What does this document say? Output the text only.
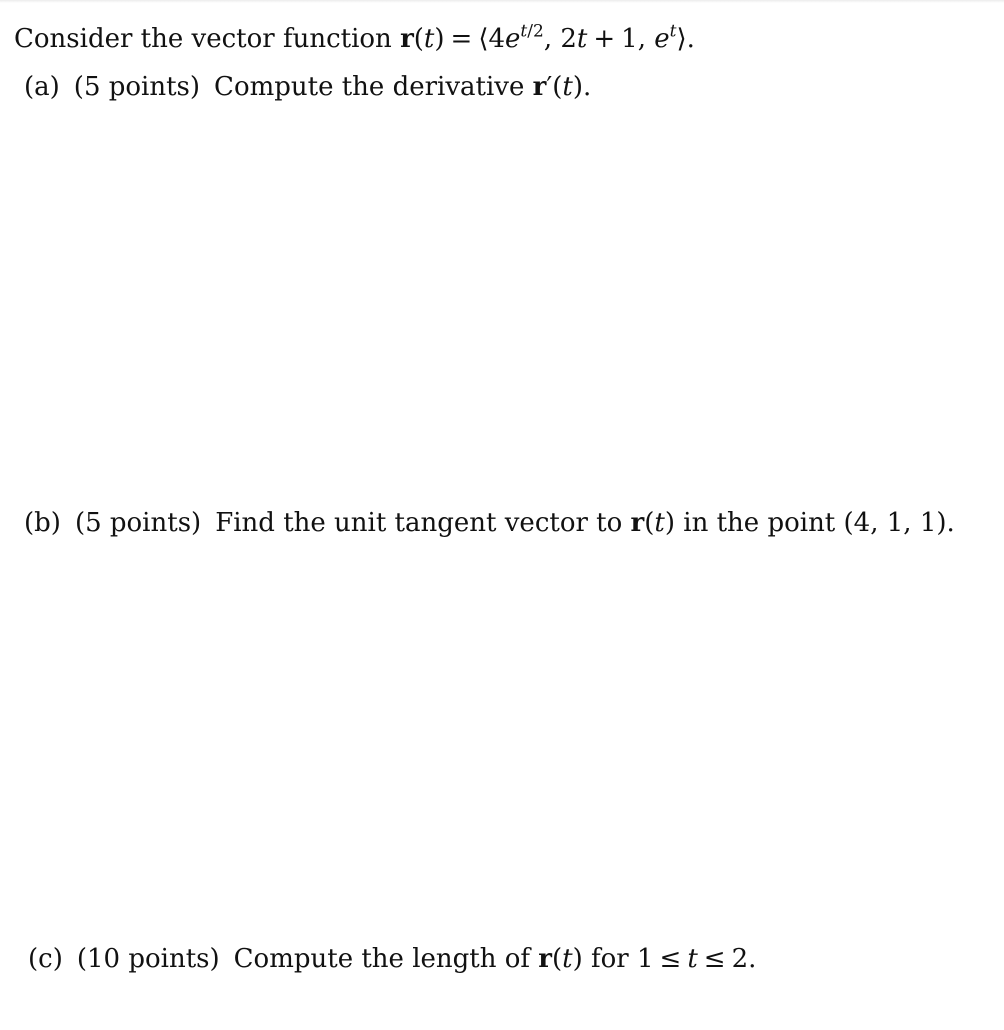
Consider the vector function $r(t) = ⟨4e^{t/2}$, 2t + 1, $e^t⟩$.
(a) (5 points) Compute the derivative r′(t).
(b) (5 points) Find the unit tangent vector to r(t) in the point (4, 1, 1).
(c) (10 points) Compute the length of r(t) for 1 ≤ t ≤ 2.
